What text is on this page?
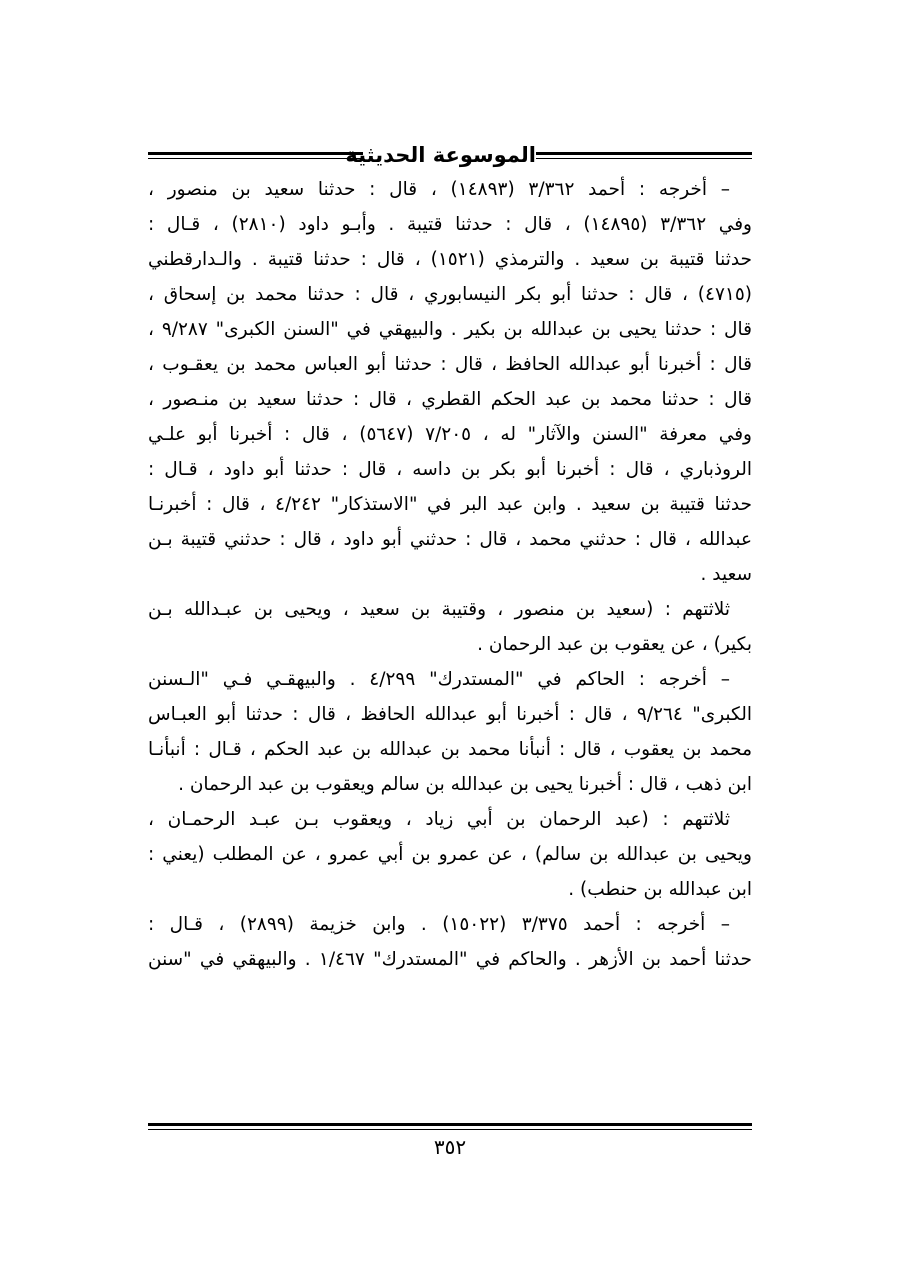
الموسوعة الحديثية
– أخرجه : أحمد ٣/٣٦٢ (١٤٨٩٣) ، قال : حدثنا سعيد بن منصور ،
وفي ٣/٣٦٢ (١٤٨٩٥) ، قال : حدثنا قتيبة . وأبـو داود (٢٨١٠) ، قـال :
حدثنا قتيبة بن سعيد . والترمذي (١٥٢١) ، قال : حدثنا قتيبة . والـدارقطني
(٤٧١٥) ، قال : حدثنا أبو بكر النيسابوري ، قال : حدثنا محمد بن إسحاق ،
قال : حدثنا يحيى بن عبدالله بن بكير . والبيهقي في "السنن الكبرى" ٩/٢٨٧ ،
قال : أخبرنا أبو عبدالله الحافظ ، قال : حدثنا أبو العباس محمد بن يعقـوب ،
قال : حدثنا محمد بن عبد الحكم القطري ، قال : حدثنا سعيد بن منـصور ،
وفي معرفة "السنن والآثار" له ، ٧/٢٠٥ (٥٦٤٧) ، قال : أخبرنا أبو علـي
الروذباري ، قال : أخبرنا أبو بكر بن داسه ، قال : حدثنا أبو داود ، قـال :
حدثنا قتيبة بن سعيد . وابن عبد البر في "الاستذكار" ٤/٢٤٢ ، قال : أخبرنـا
عبدالله ، قال : حدثني محمد ، قال : حدثني أبو داود ، قال : حدثني قتيبة بـن
سعيد .
ثلاثتهم : (سعيد بن منصور ، وقتيبة بن سعيد ، ويحيى بن عبـدالله بـن
بكير) ، عن يعقوب بن عبد الرحمان .
– أخرجه : الحاكم في "المستدرك" ٤/٢٩٩ . والبيهقـي فـي "الـسنن
الكبرى" ٩/٢٦٤ ، قال : أخبرنا أبو عبدالله الحافظ ، قال : حدثنا أبو العبـاس
محمد بن يعقوب ، قال : أنبأنا محمد بن عبدالله بن عبد الحكم ، قـال : أنبأنـا
ابن ذهب ، قال : أخبرنا يحيى بن عبدالله بن سالم ويعقوب بن عبد الرحمان .
ثلاثتهم : (عبد الرحمان بن أبي زياد ، ويعقوب بـن عبـد الرحمـان ،
ويحيى بن عبدالله بن سالم) ، عن عمرو بن أبي عمرو ، عن المطلب (يعني :
ابن عبدالله بن حنطب) .
– أخرجه : أحمد ٣/٣٧٥ (١٥٠٢٢) . وابن خزيمة (٢٨٩٩) ، قـال :
حدثنا أحمد بن الأزهر . والحاكم في "المستدرك" ١/٤٦٧ . والبيهقي في "سنن
٣٥٢
